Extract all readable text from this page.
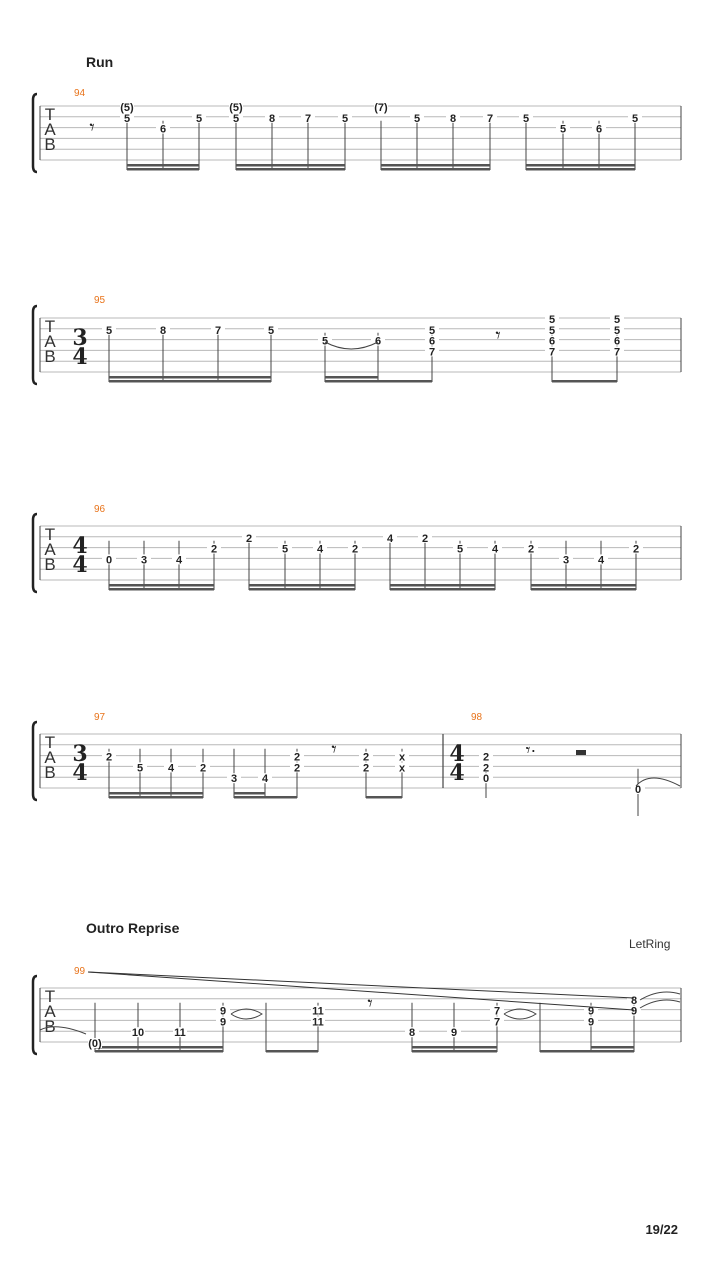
Run
Outro Reprise
LetRing
19/22
T
A
B
94
𝄾
(5)
5
6
5
(5)
5	8	7	5
(7)
5	8	7	5
5	6
5
T
A
B
95
3
4
𝄾
5	8	7	5
5	6
5
6
7
5
5
6
7
5
5
6
7
T
A
B
96
4
4 0	3	4
2
2
5	4	2
4	2
5	4	2
3	4
2
T
A
B
97	98
3
4
4
4
𝄾
2
5 4 2
3 4
2
2
2
2
x
x
2
2
0
0
T
A
B
99
𝄾
(0)
10	11
9
9
11
11
8	9
7
7
9
9
8
9
𝄾·
